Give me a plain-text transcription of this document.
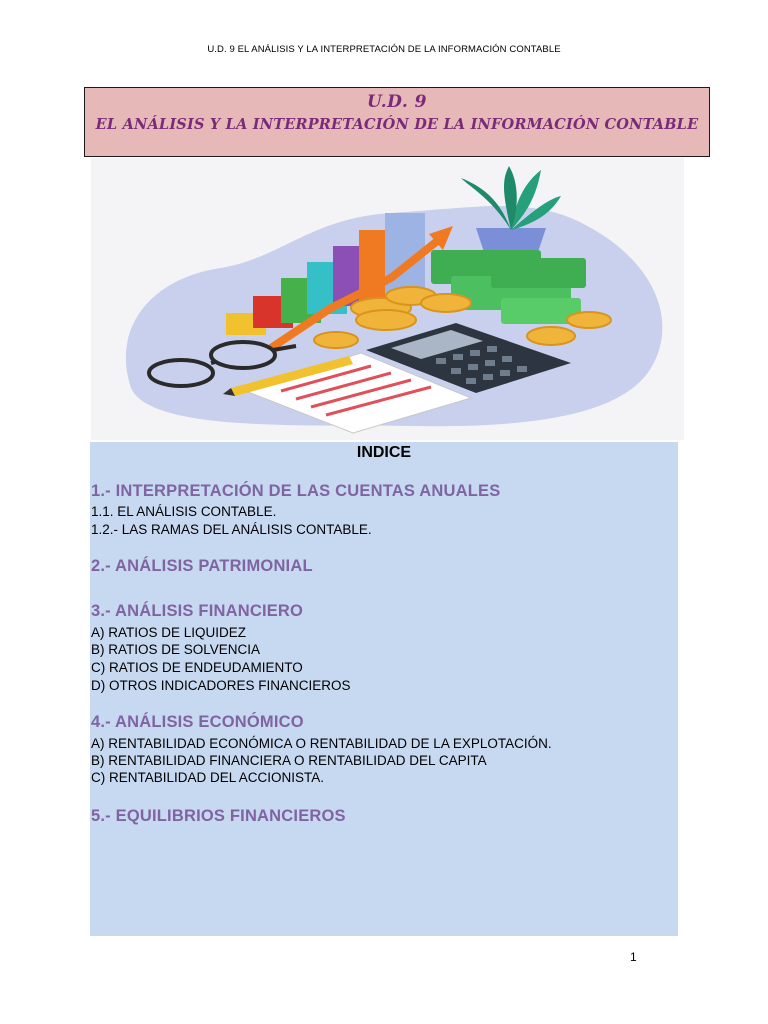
U.D. 9 EL ANÁLISIS Y LA INTERPRETACIÓN DE LA INFORMACIÓN CONTABLE
U.D. 9
EL ANÁLISIS Y LA INTERPRETACIÓN DE LA INFORMACIÓN CONTABLE
INDICE
1.- INTERPRETACIÓN DE LAS CUENTAS ANUALES
1.1. EL ANÁLISIS CONTABLE.
1.2.- LAS RAMAS DEL ANÁLISIS CONTABLE.
2.- ANÁLISIS PATRIMONIAL
3.- ANÁLISIS FINANCIERO
A) RATIOS DE LIQUIDEZ
B) RATIOS DE SOLVENCIA
C) RATIOS DE ENDEUDAMIENTO
D) OTROS INDICADORES FINANCIEROS
4.- ANÁLISIS ECONÓMICO
A) RENTABILIDAD ECONÓMICA O RENTABILIDAD DE LA EXPLOTACIÓN.
B) RENTABILIDAD FINANCIERA O RENTABILIDAD DEL CAPITA
C) RENTABILIDAD DEL ACCIONISTA.
5.- EQUILIBRIOS FINANCIEROS
1
